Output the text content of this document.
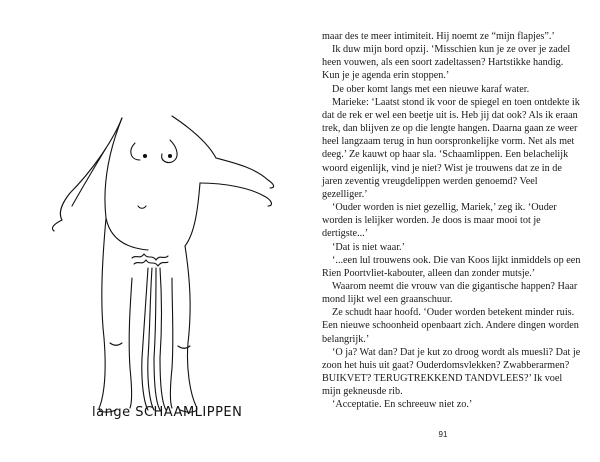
lange SCHAAMLIPPEN

maar des te meer intimiteit. Hij noemt ze “mijn flapjes”.’

Ik duw mijn bord opzij. ‘Misschien kun je ze over je zadel heen vouwen, als een soort zadeltassen? Hartstikke handig. Kun je je agenda erin stoppen.’

De ober komt langs met een nieuwe karaf water.

Marieke: ‘Laatst stond ik voor de spiegel en toen ontdekte ik dat de rek er wel een beetje uit is. Heb jij dat ook? Als ik eraan trek, dan blijven ze op die lengte hangen. Daarna gaan ze weer heel langzaam terug in hun oorspronkelijke vorm. Net als met deeg.’ Ze kauwt op haar sla. ‘Schaamlippen. Een belachelijk woord eigenlijk, vind je niet? Wist je trouwens dat ze in de jaren zeventig vreugdelippen werden genoemd? Veel gezelliger.’

‘Ouder worden is niet gezellig, Mariek,’ zeg ik. ‘Ouder worden is lelijker worden. Je doos is maar mooi tot je dertigste...’

‘Dat is niet waar.’

‘...een lul trouwens ook. Die van Koos lijkt inmiddels op een Rien Poortvliet-kabouter, alleen dan zonder mutsje.’

Waarom neemt die vrouw van die gigantische happen? Haar mond lijkt wel een graanschuur.

Ze schudt haar hoofd. ‘Ouder worden betekent minder ruis. Een nieuwe schoonheid openbaart zich. Andere dingen worden belangrijk.’

‘O ja? Wat dan? Dat je kut zo droog wordt als muesli? Dat je zoon het huis uit gaat? Ouderdomsvlekken? Zwabberarmen? BUIKVET? TERUGTREKKEND TANDVLEES?’ Ik voel mijn gekneusde rib.

‘Acceptatie. En schreeuw niet zo.’

91
